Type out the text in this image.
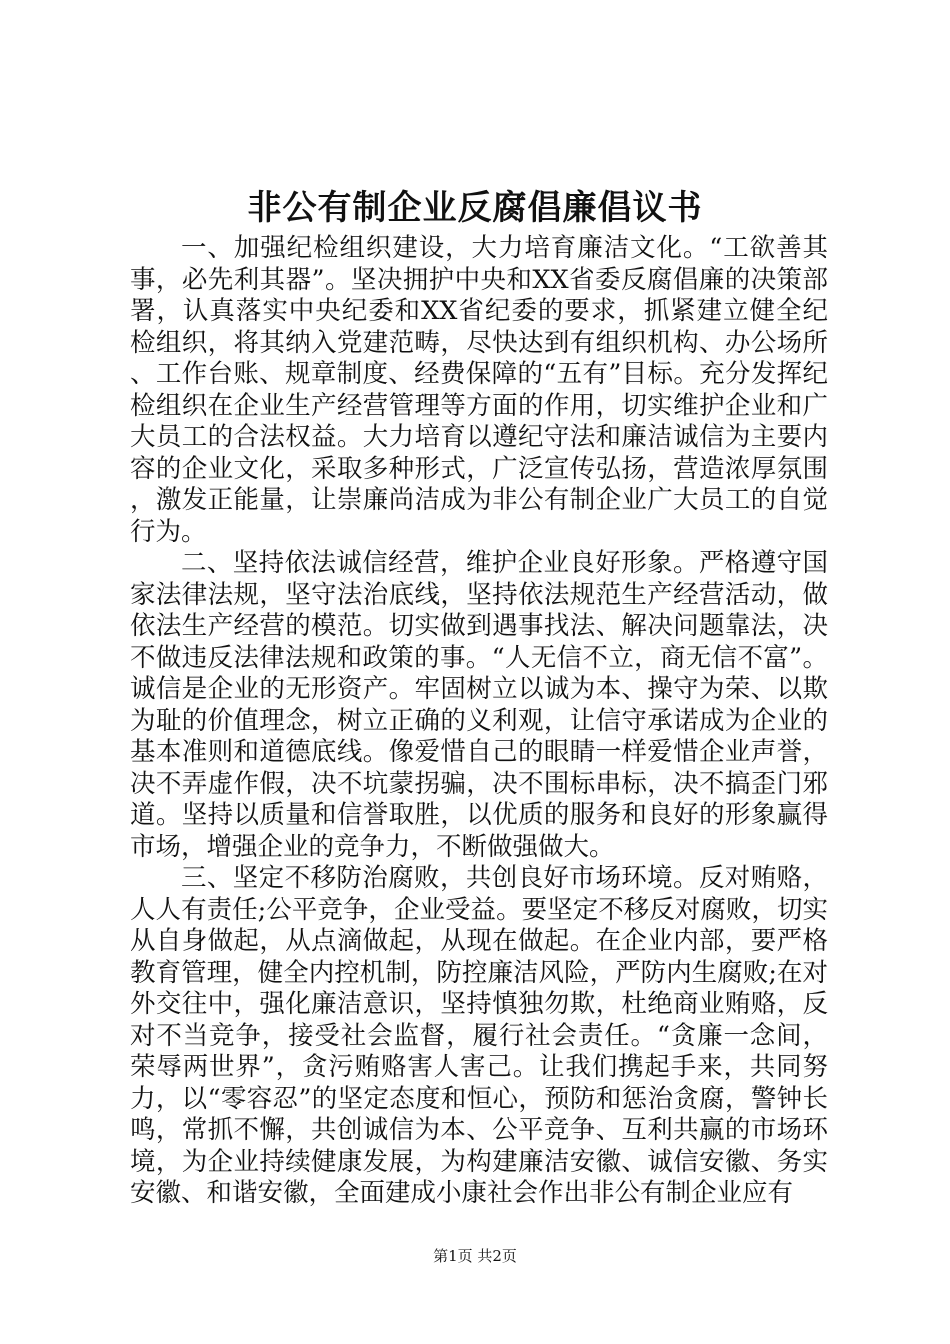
非公有制企业反腐倡廉倡议书

一、加强纪检组织建设，大力培育廉洁文化。“工欲善其事，必先利其器”。坚决拥护中央和XX省委反腐倡廉的决策部署，认真落实中央纪委和XX省纪委的要求，抓紧建立健全纪检组织，将其纳入党建范畴，尽快达到有组织机构、办公场所、工作台账、规章制度、经费保障的“五有”目标。充分发挥纪检组织在企业生产经营管理等方面的作用，切实维护企业和广大员工的合法权益。大力培育以遵纪守法和廉洁诚信为主要内容的企业文化，采取多种形式，广泛宣传弘扬，营造浓厚氛围，激发正能量，让崇廉尚洁成为非公有制企业广大员工的自觉行为。

二、坚持依法诚信经营，维护企业良好形象。严格遵守国家法律法规，坚守法治底线，坚持依法规范生产经营活动，做依法生产经营的模范。切实做到遇事找法、解决问题靠法，决不做违反法律法规和政策的事。“人无信不立，商无信不富”。诚信是企业的无形资产。牢固树立以诚为本、操守为荣、以欺为耻的价值理念，树立正确的义利观，让信守承诺成为企业的基本准则和道德底线。像爱惜自己的眼睛一样爱惜企业声誉，决不弄虚作假，决不坑蒙拐骗，决不围标串标，决不搞歪门邪道。坚持以质量和信誉取胜，以优质的服务和良好的形象赢得市场，增强企业的竞争力，不断做强做大。

三、坚定不移防治腐败，共创良好市场环境。反对贿赂，人人有责任;公平竞争，企业受益。要坚定不移反对腐败，切实从自身做起，从点滴做起，从现在做起。在企业内部，要严格教育管理，健全内控机制，防控廉洁风险，严防内生腐败;在对外交往中，强化廉洁意识，坚持慎独勿欺，杜绝商业贿赂，反对不当竞争，接受社会监督，履行社会责任。“贪廉一念间，荣辱两世界”，贪污贿赂害人害己。让我们携起手来，共同努力，以“零容忍”的坚定态度和恒心，预防和惩治贪腐，警钟长鸣，常抓不懈，共创诚信为本、公平竞争、互利共赢的市场环境，为企业持续健康发展，为构建廉洁安徽、诚信安徽、务实安徽、和谐安徽，全面建成小康社会作出非公有制企业应有

第1页 共2页
